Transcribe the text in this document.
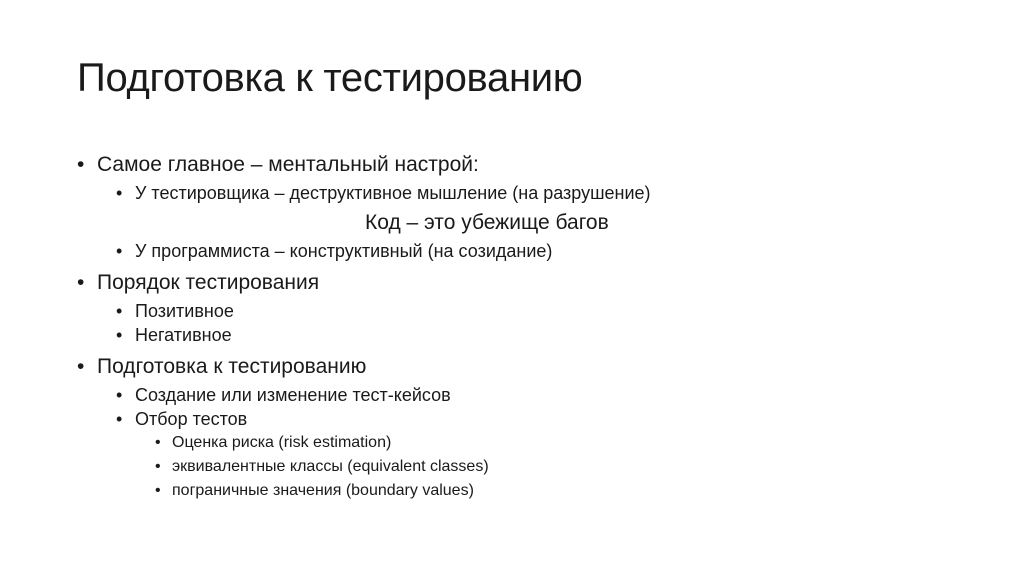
Подготовка к тестированию
• Самое главное – ментальный настрой:
• У тестировщика – деструктивное мышление (на разрушение)
Код – это убежище багов
• У программиста – конструктивный (на созидание)
• Порядок тестирования
• Позитивное
• Негативное
• Подготовка к тестированию
• Создание или изменение тест-кейсов
• Отбор тестов
• Оценка риска (risk estimation)
• эквивалентные классы (equivalent classes)
• пограничные значения (boundary values)
